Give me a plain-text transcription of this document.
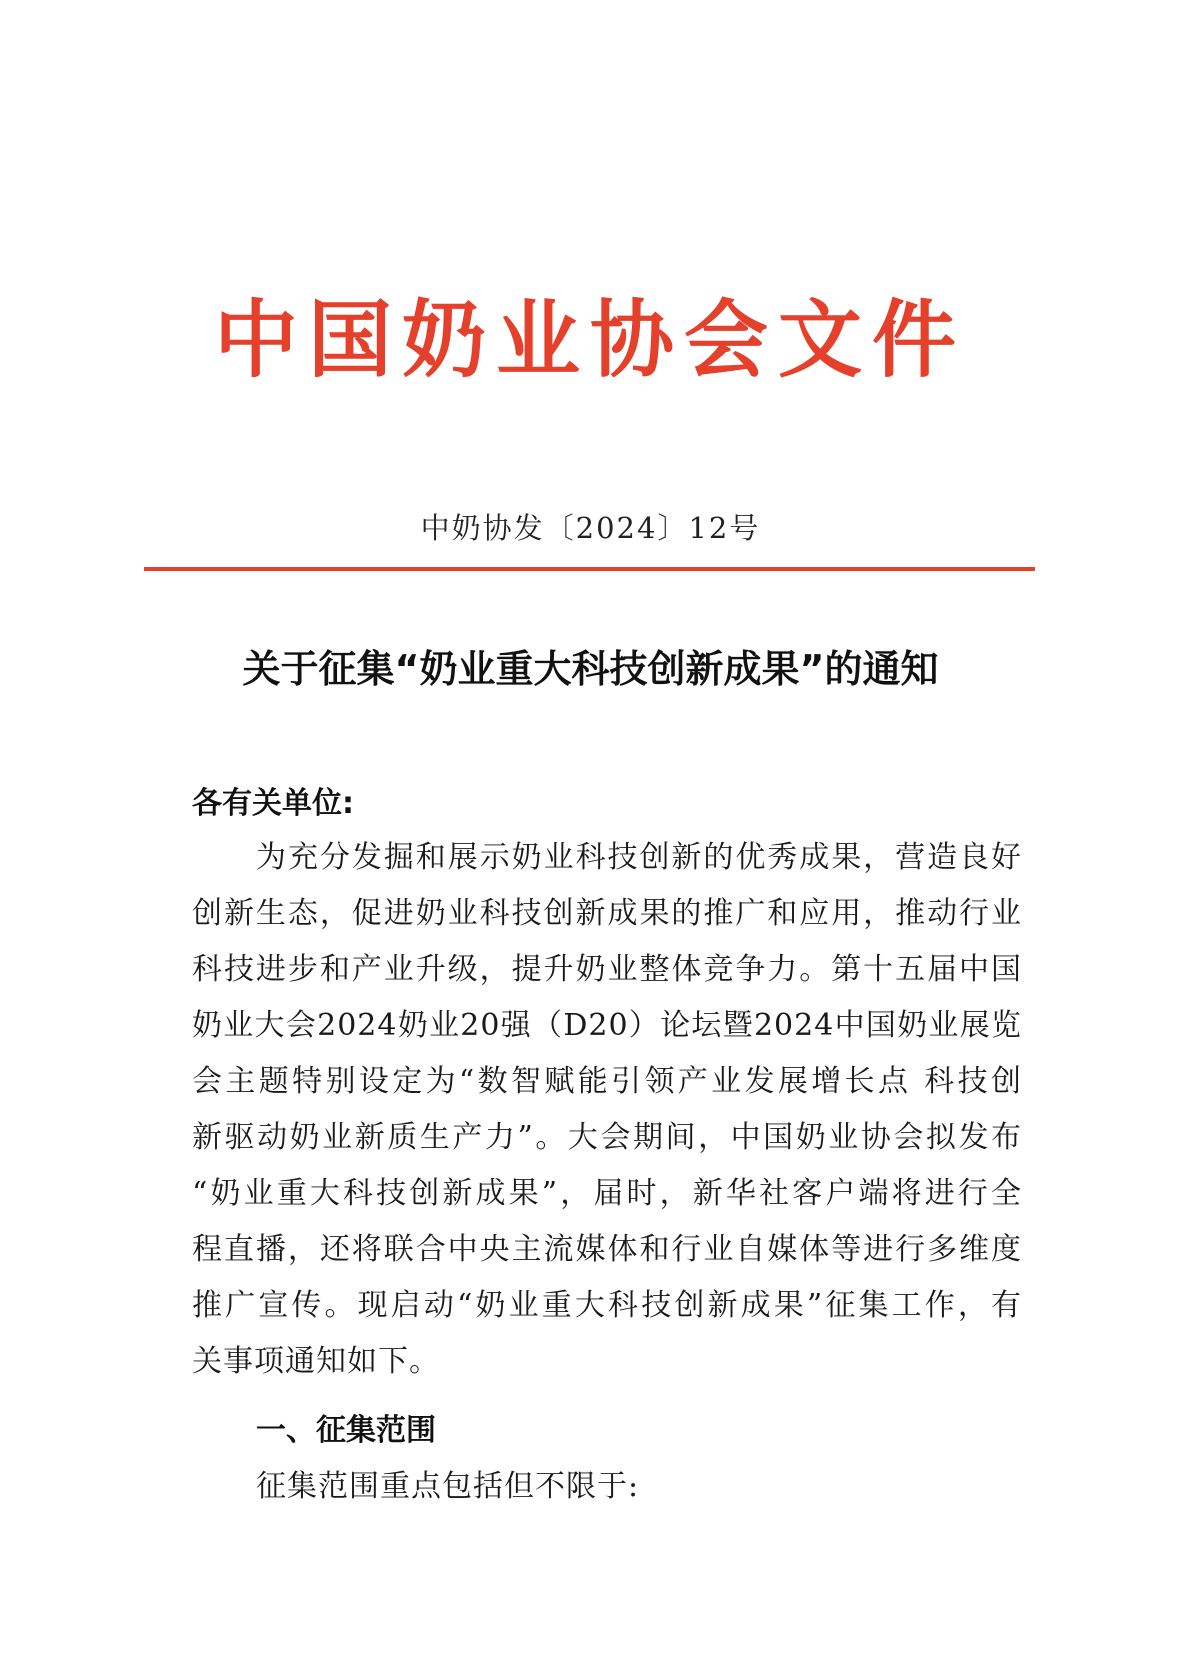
中国奶业协会文件
中奶协发〔2024〕12号
关于征集“奶业重大科技创新成果”的通知
各有关单位:
为充分发掘和展示奶业科技创新的优秀成果，营造良好
创新生态，促进奶业科技创新成果的推广和应用，推动行业
科技进步和产业升级，提升奶业整体竞争力。第十五届中国
奶业大会2024奶业20强（D20）论坛暨2024中国奶业展览
会主题特别设定为“数智赋能引领产业发展增长点 科技创
新驱动奶业新质生产力”。大会期间，中国奶业协会拟发布
“奶业重大科技创新成果”，届时，新华社客户端将进行全
程直播，还将联合中央主流媒体和行业自媒体等进行多维度
推广宣传。现启动“奶业重大科技创新成果”征集工作，有
关事项通知如下。
一、征集范围
征集范围重点包括但不限于:
